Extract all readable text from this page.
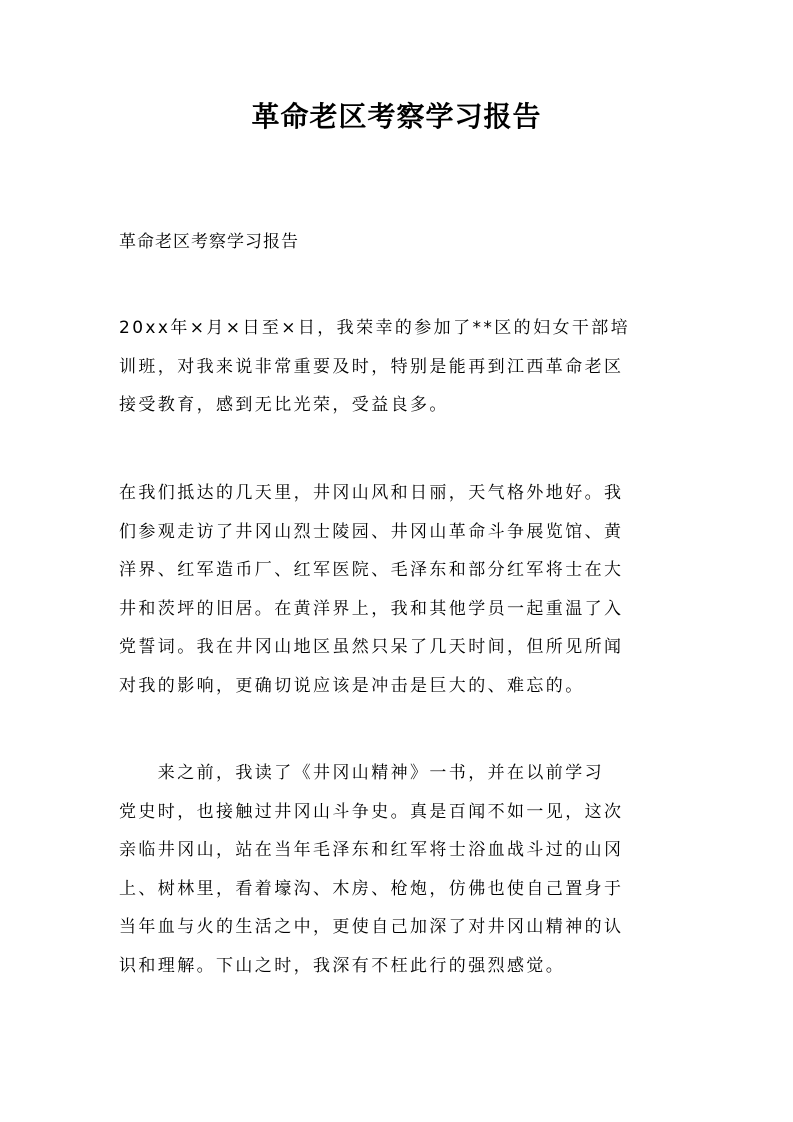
革命老区考察学习报告

革命老区考察学习报告

20xx年×月×日至×日，我荣幸的参加了**区的妇女干部培
训班，对我来说非常重要及时，特别是能再到江西革命老区
接受教育，感到无比光荣，受益良多。

在我们抵达的几天里，井冈山风和日丽，天气格外地好。我
们参观走访了井冈山烈士陵园、井冈山革命斗争展览馆、黄
洋界、红军造币厂、红军医院、毛泽东和部分红军将士在大
井和茨坪的旧居。在黄洋界上，我和其他学员一起重温了入
党誓词。我在井冈山地区虽然只呆了几天时间，但所见所闻
对我的影响，更确切说应该是冲击是巨大的、难忘的。

　　来之前，我读了《井冈山精神》一书，并在以前学习
党史时，也接触过井冈山斗争史。真是百闻不如一见，这次
亲临井冈山，站在当年毛泽东和红军将士浴血战斗过的山冈
上、树林里，看着壕沟、木房、枪炮，仿佛也使自己置身于
当年血与火的生活之中，更使自己加深了对井冈山精神的认
识和理解。下山之时，我深有不枉此行的强烈感觉。
